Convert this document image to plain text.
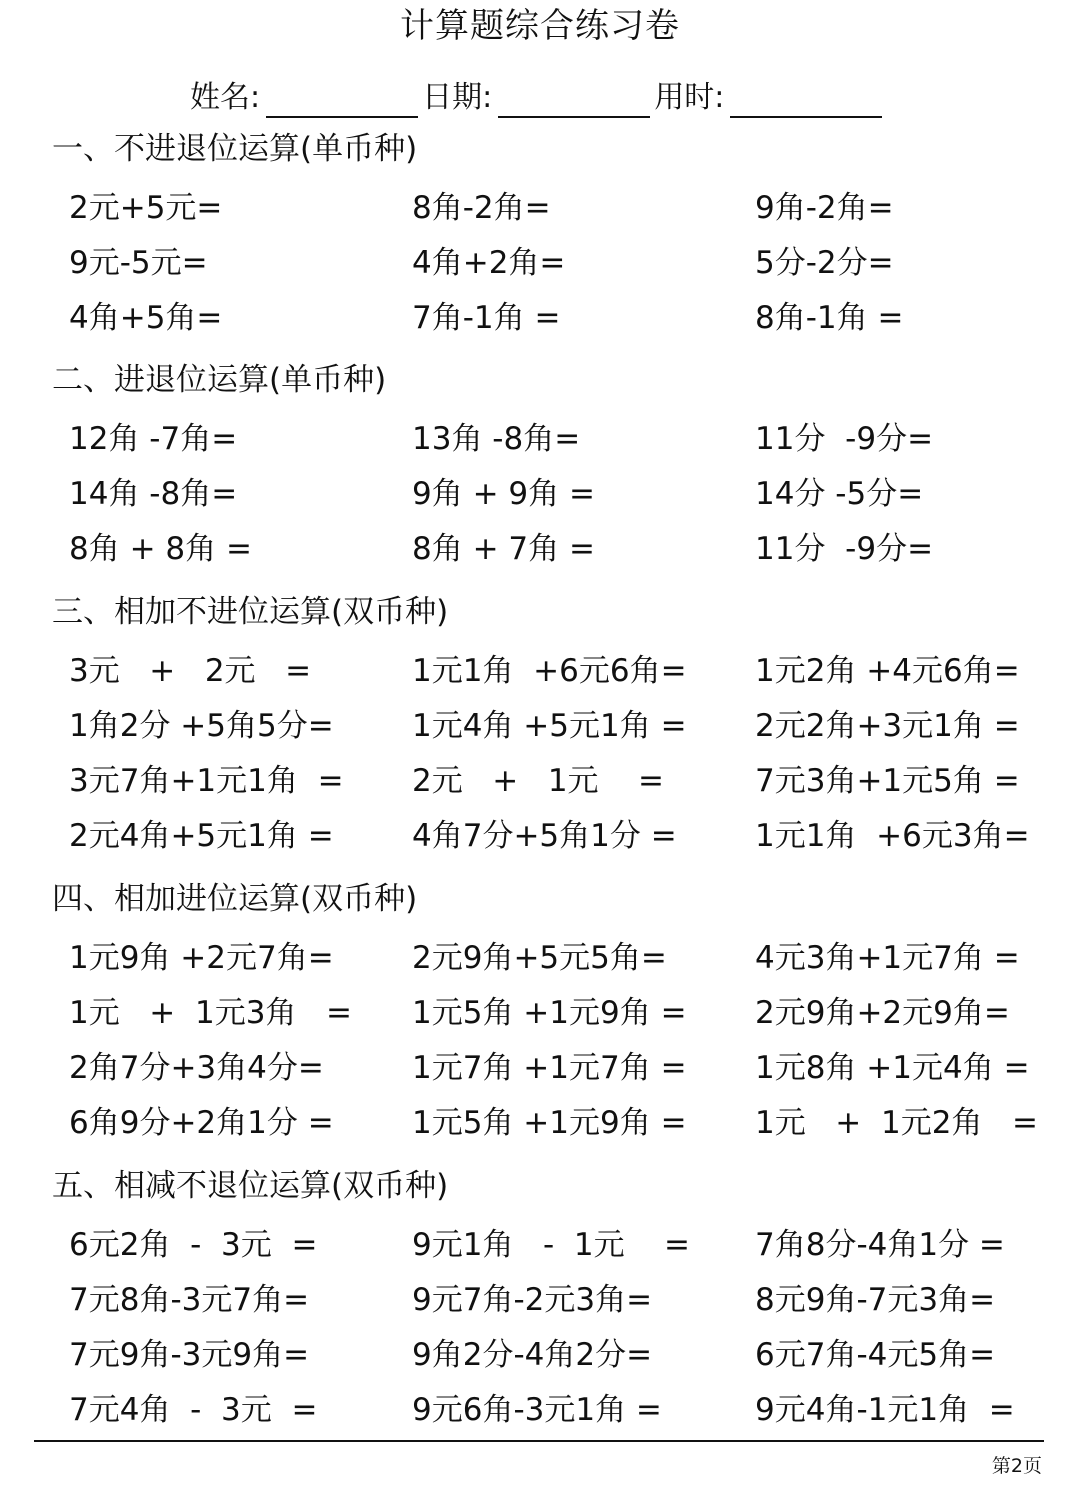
计算题综合练习卷
姓名:	日期:	用时:
一、不进退位运算(单币种)
2元+5元=	8角-2角=	9角-2角=
9元-5元=	4角+2角=	5分-2分=
4角+5角=	7角-1角 =	8角-1角 =
二、进退位运算(单币种)
12角 -7角=	13角 -8角=	11分  -9分=
14角 -8角=	9角 + 9角 =	14分 -5分=
8角 + 8角 =	8角 + 7角 =	11分  -9分=
三、相加不进位运算(双币种)
3元   +   2元   =	1元1角  +6元6角=	1元2角 +4元6角=
1角2分 +5角5分=	1元4角 +5元1角 =	2元2角+3元1角 =
3元7角+1元1角  =	2元   +   1元    =	7元3角+1元5角 =
2元4角+5元1角 =	4角7分+5角1分 =	1元1角  +6元3角=
四、相加进位运算(双币种)
1元9角 +2元7角=	2元9角+5元5角=	4元3角+1元7角 =
1元   +  1元3角   =	1元5角 +1元9角 =	2元9角+2元9角=
2角7分+3角4分=	1元7角 +1元7角 =	1元8角 +1元4角 =
6角9分+2角1分 =	1元5角 +1元9角 =	1元   +  1元2角   =
五、相减不退位运算(双币种)
6元2角  -  3元  =	9元1角   -  1元    =	7角8分-4角1分 =
7元8角-3元7角=	9元7角-2元3角=	8元9角-7元3角=
7元9角-3元9角=	9角2分-4角2分=	6元7角-4元5角=
7元4角  -  3元  =	9元6角-3元1角 =	9元4角-1元1角  =
第2页
